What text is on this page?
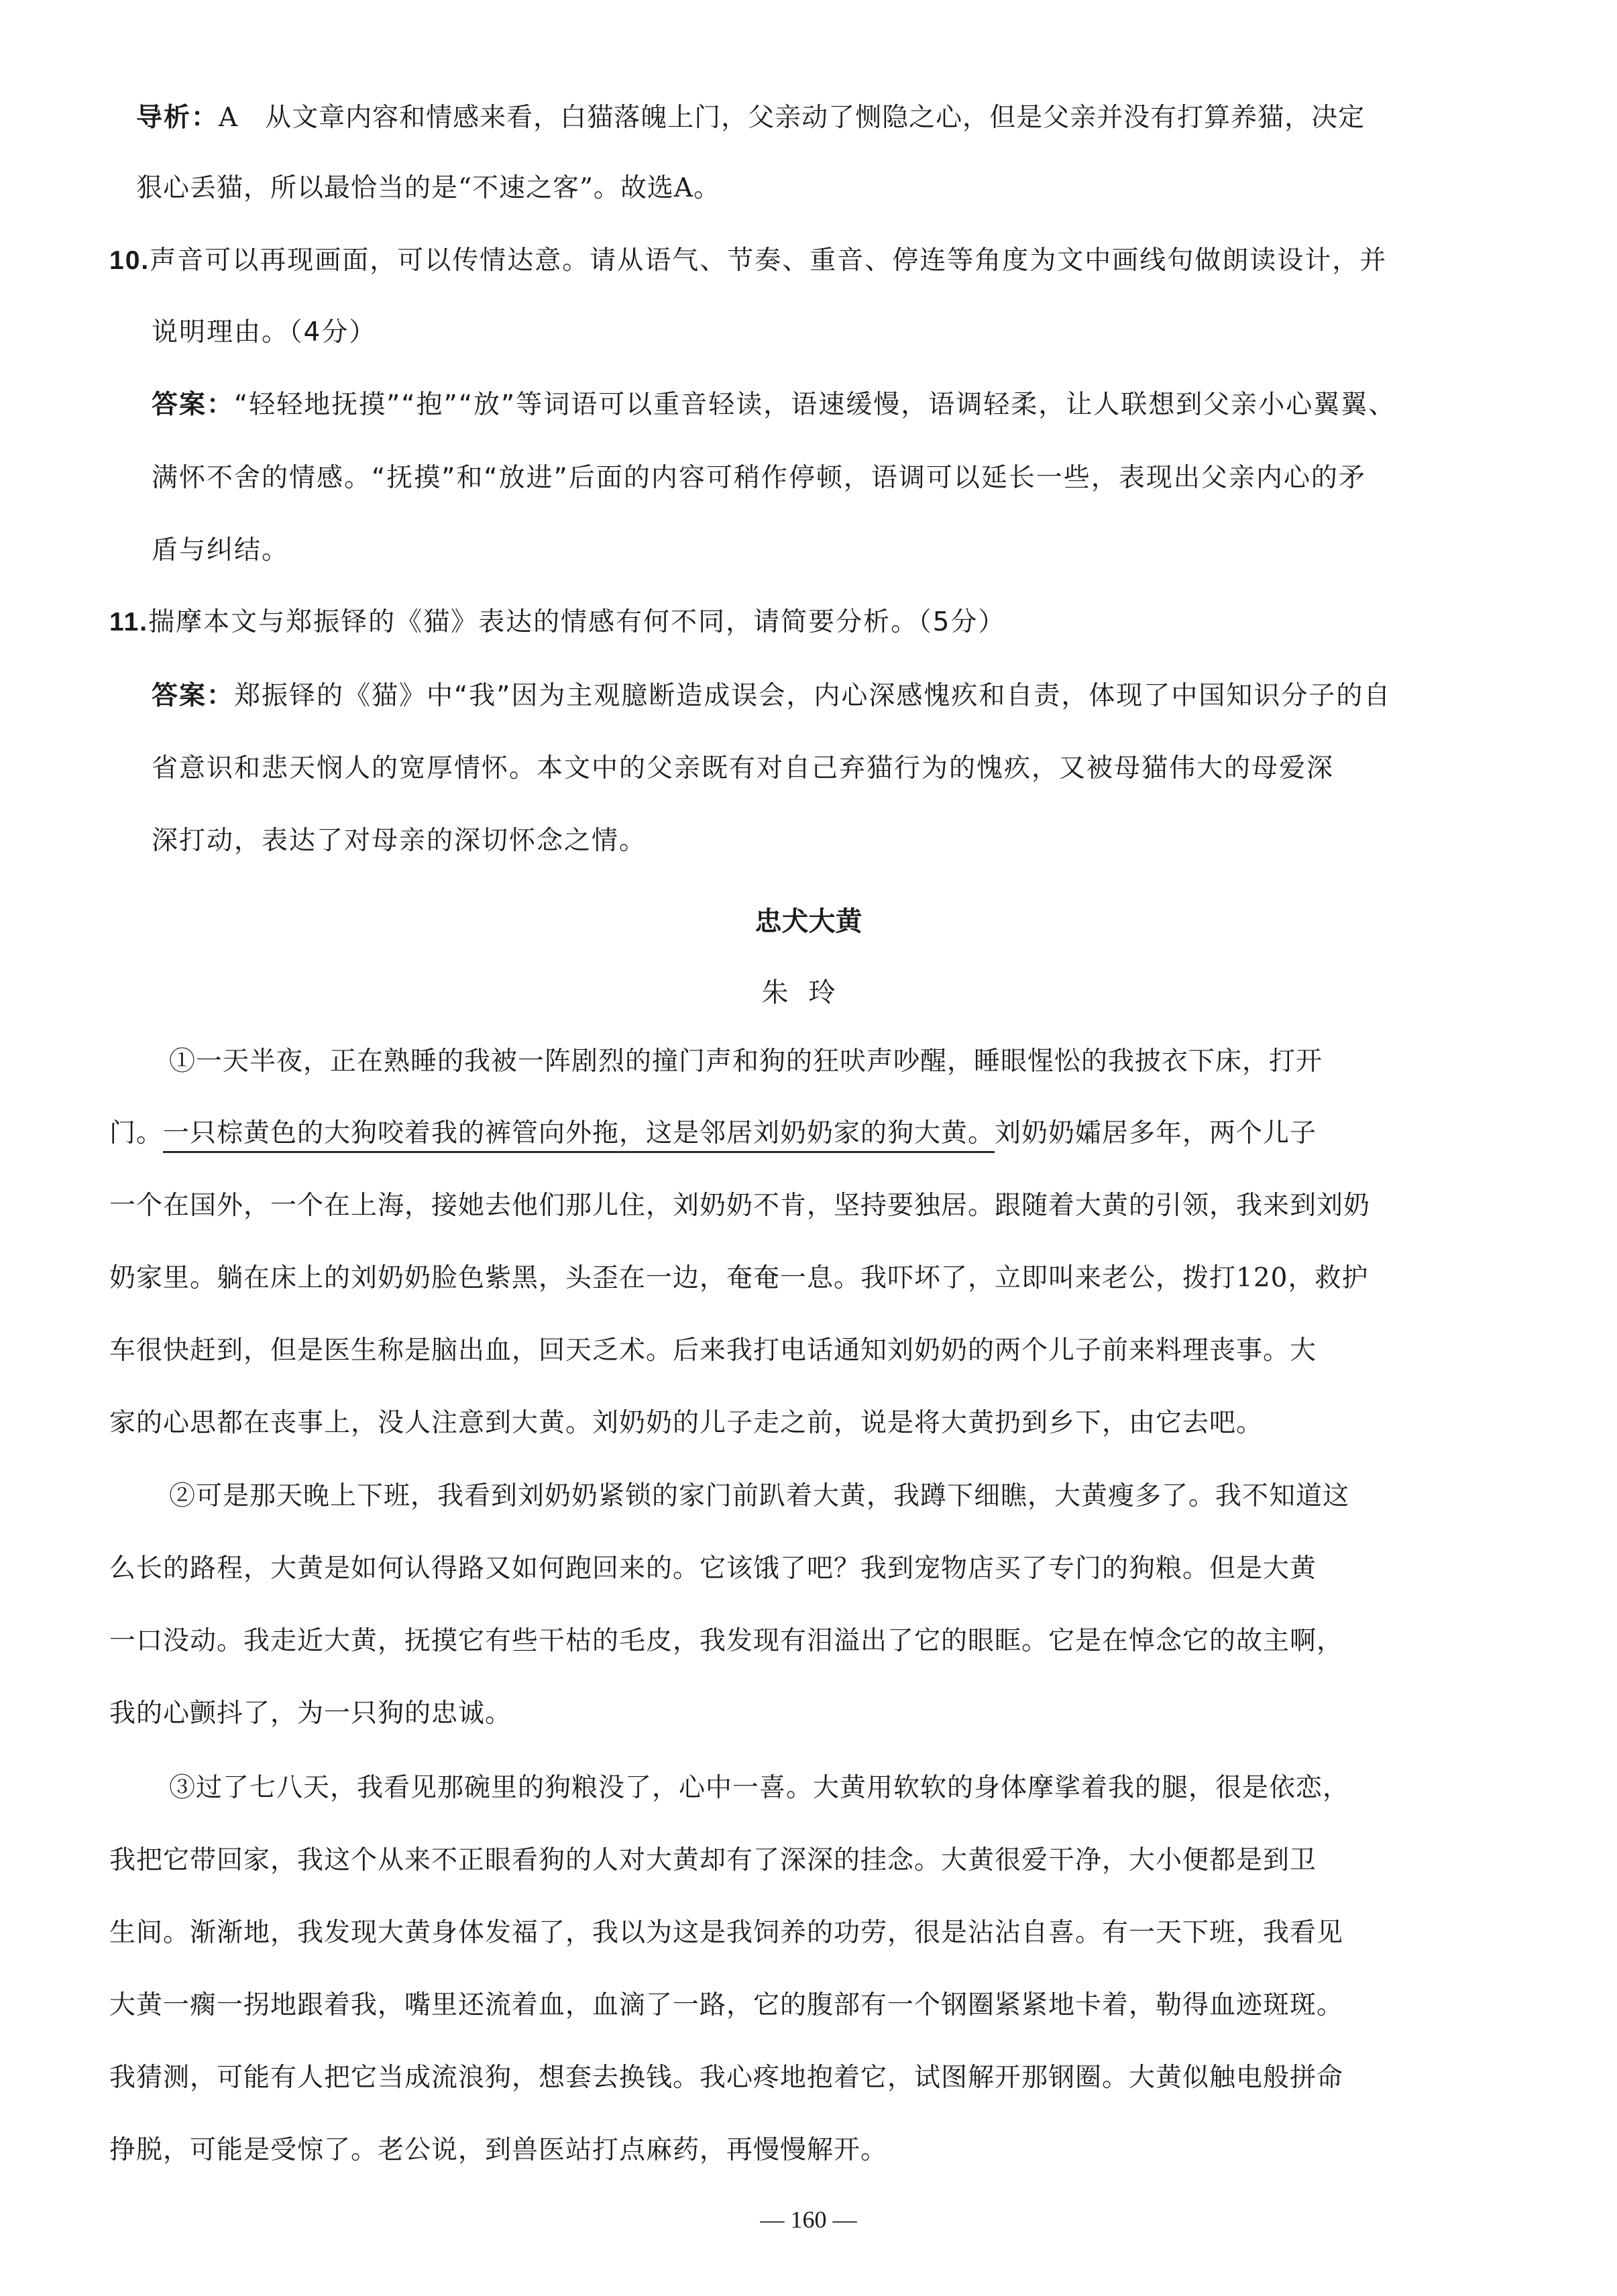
导析：A　从文章内容和情感来看，白猫落魄上门，父亲动了恻隐之心，但是父亲并没有打算养猫，决定
狠心丢猫，所以最恰当的是“不速之客”。故选A。
10.声音可以再现画面，可以传情达意。请从语气、节奏、重音、停连等角度为文中画线句做朗读设计，并
说明理由。（4分）
答案：“轻轻地抚摸”“抱”“放”等词语可以重音轻读，语速缓慢，语调轻柔，让人联想到父亲小心翼翼、
满怀不舍的情感。“抚摸”和“放进”后面的内容可稍作停顿，语调可以延长一些，表现出父亲内心的矛
盾与纠结。
11.揣摩本文与郑振铎的《猫》表达的情感有何不同，请简要分析。（5分）
答案：郑振铎的《猫》中“我”因为主观臆断造成误会，内心深感愧疚和自责，体现了中国知识分子的自
省意识和悲天悯人的宽厚情怀。本文中的父亲既有对自己弃猫行为的愧疚，又被母猫伟大的母爱深
深打动，表达了对母亲的深切怀念之情。
忠犬大黄
朱玲
①一天半夜，正在熟睡的我被一阵剧烈的撞门声和狗的狂吠声吵醒，睡眼惺忪的我披衣下床，打开
门。一只棕黄色的大狗咬着我的裤管向外拖，这是邻居刘奶奶家的狗大黄。刘奶奶孀居多年，两个儿子
一个在国外，一个在上海，接她去他们那儿住，刘奶奶不肯，坚持要独居。跟随着大黄的引领，我来到刘奶
奶家里。躺在床上的刘奶奶脸色紫黑，头歪在一边，奄奄一息。我吓坏了，立即叫来老公，拨打120，救护
车很快赶到，但是医生称是脑出血，回天乏术。后来我打电话通知刘奶奶的两个儿子前来料理丧事。大
家的心思都在丧事上，没人注意到大黄。刘奶奶的儿子走之前，说是将大黄扔到乡下，由它去吧。
②可是那天晚上下班，我看到刘奶奶紧锁的家门前趴着大黄，我蹲下细瞧，大黄瘦多了。我不知道这
么长的路程，大黄是如何认得路又如何跑回来的。它该饿了吧？我到宠物店买了专门的狗粮。但是大黄
一口没动。我走近大黄，抚摸它有些干枯的毛皮，我发现有泪溢出了它的眼眶。它是在悼念它的故主啊，
我的心颤抖了，为一只狗的忠诚。
③过了七八天，我看见那碗里的狗粮没了，心中一喜。大黄用软软的身体摩挲着我的腿，很是依恋，
我把它带回家，我这个从来不正眼看狗的人对大黄却有了深深的挂念。大黄很爱干净，大小便都是到卫
生间。渐渐地，我发现大黄身体发福了，我以为这是我饲养的功劳，很是沾沾自喜。有一天下班，我看见
大黄一瘸一拐地跟着我，嘴里还流着血，血滴了一路，它的腹部有一个钢圈紧紧地卡着，勒得血迹斑斑。
我猜测，可能有人把它当成流浪狗，想套去换钱。我心疼地抱着它，试图解开那钢圈。大黄似触电般拼命
挣脱，可能是受惊了。老公说，到兽医站打点麻药，再慢慢解开。
— 160 —
